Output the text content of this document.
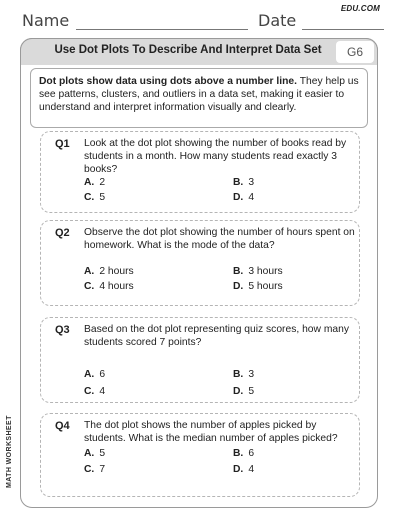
Name	Date
EDU.COM
Use Dot Plots To Describe And Interpret Data Set	G6
Dot plots show data using dots above a number line. They help us see patterns, clusters, and outliers in a data set, making it easier to understand and interpret information visually and clearly.
Q1 Look at the dot plot showing the number of books read by students in a month. How many students read exactly 3 books?
A. 2	B. 3
C. 5	D. 4
Q2 Observe the dot plot showing the number of hours spent on homework. What is the mode of the data?
A. 2 hours	B. 3 hours
C. 4 hours	D. 5 hours
Q3 Based on the dot plot representing quiz scores, how many students scored 7 points?
A. 6	B. 3
C. 4	D. 5
Q4 The dot plot shows the number of apples picked by students. What is the median number of apples picked?
A. 5	B. 6
C. 7	D. 4
MATH WORKSHEET
